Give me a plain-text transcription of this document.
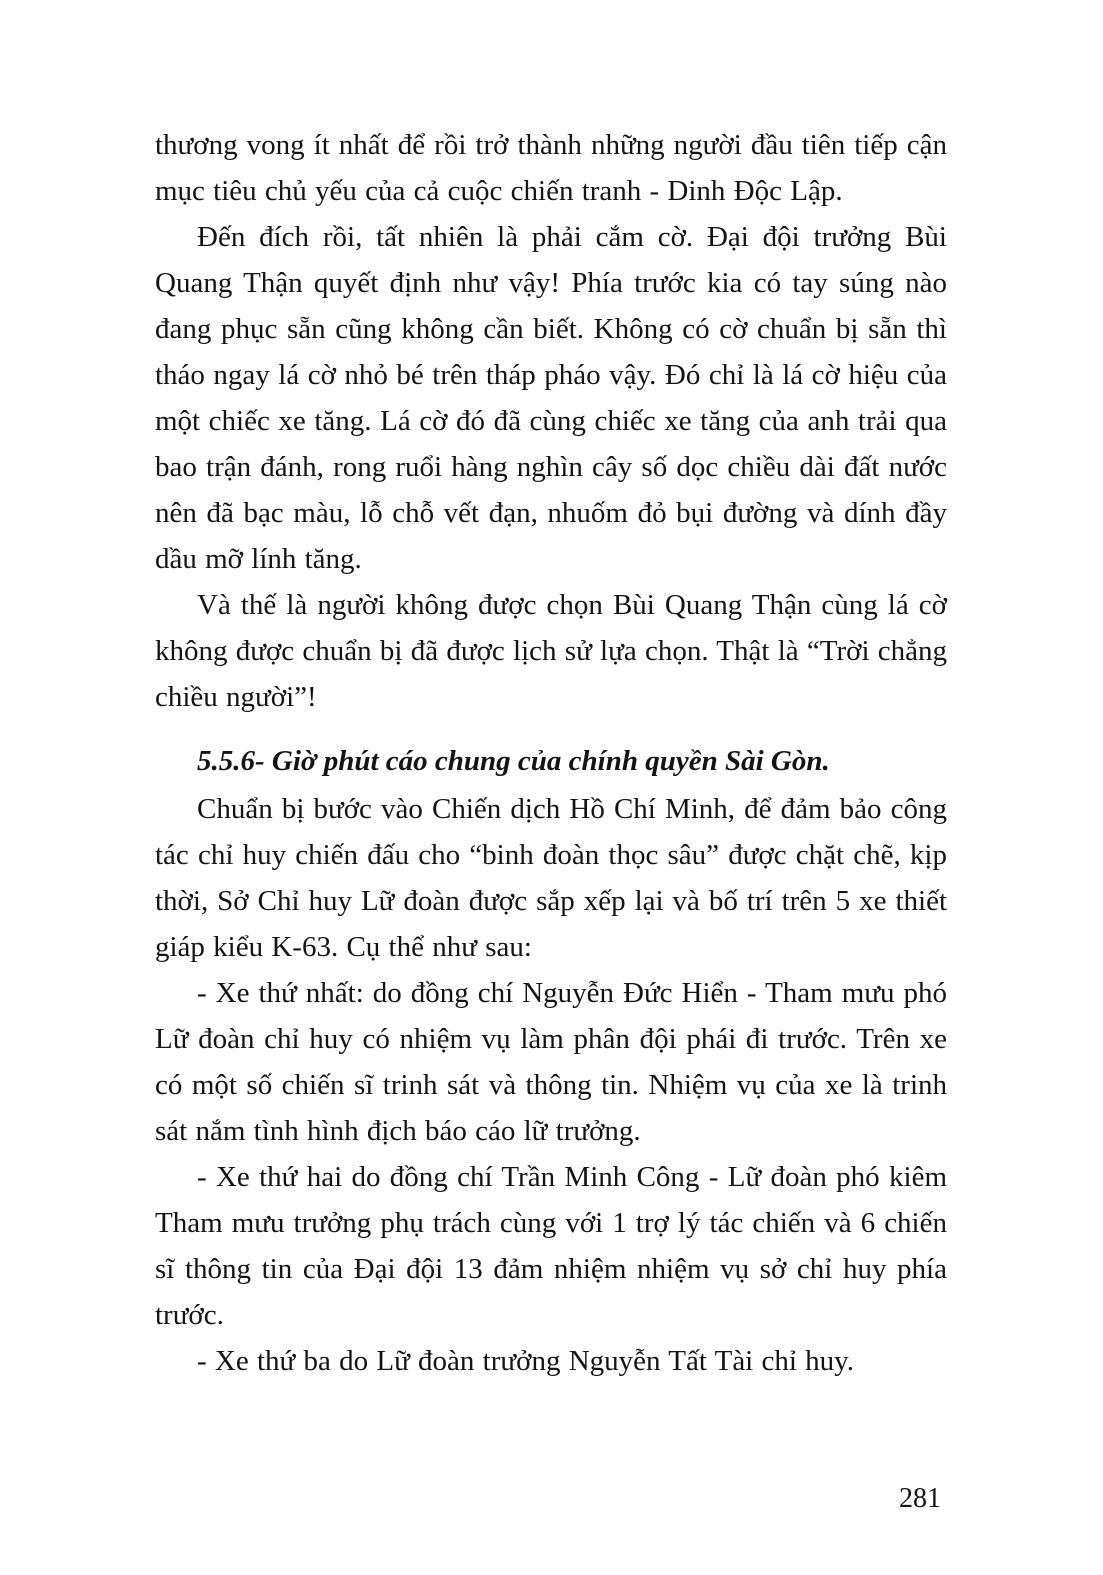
thương vong ít nhất để rồi trở thành những người đầu tiên tiếp cận mục tiêu chủ yếu của cả cuộc chiến tranh - Dinh Độc Lập.

Đến đích rồi, tất nhiên là phải cắm cờ. Đại đội trưởng Bùi Quang Thận quyết định như vậy! Phía trước kia có tay súng nào đang phục sẵn cũng không cần biết. Không có cờ chuẩn bị sẵn thì tháo ngay lá cờ nhỏ bé trên tháp pháo vậy. Đó chỉ là lá cờ hiệu của một chiếc xe tăng. Lá cờ đó đã cùng chiếc xe tăng của anh trải qua bao trận đánh, rong ruổi hàng nghìn cây số dọc chiều dài đất nước nên đã bạc màu, lỗ chỗ vết đạn, nhuốm đỏ bụi đường và dính đầy dầu mỡ lính tăng.

Và thế là người không được chọn Bùi Quang Thận cùng lá cờ không được chuẩn bị đã được lịch sử lựa chọn. Thật là “Trời chẳng chiều người”!

5.5.6- Giờ phút cáo chung của chính quyền Sài Gòn.

Chuẩn bị bước vào Chiến dịch Hồ Chí Minh, để đảm bảo công tác chỉ huy chiến đấu cho “binh đoàn thọc sâu” được chặt chẽ, kịp thời, Sở Chỉ huy Lữ đoàn được sắp xếp lại và bố trí trên 5 xe thiết giáp kiểu K-63. Cụ thể như sau:

- Xe thứ nhất: do đồng chí Nguyễn Đức Hiển - Tham mưu phó Lữ đoàn chỉ huy có nhiệm vụ làm phân đội phái đi trước. Trên xe có một số chiến sĩ trinh sát và thông tin. Nhiệm vụ của xe là trinh sát nắm tình hình địch báo cáo lữ trưởng.

- Xe thứ hai do đồng chí Trần Minh Công - Lữ đoàn phó kiêm Tham mưu trưởng phụ trách cùng với 1 trợ lý tác chiến và 6 chiến sĩ thông tin của Đại đội 13 đảm nhiệm nhiệm vụ sở chỉ huy phía trước.

- Xe thứ ba do Lữ đoàn trưởng Nguyễn Tất Tài chỉ huy.

281
